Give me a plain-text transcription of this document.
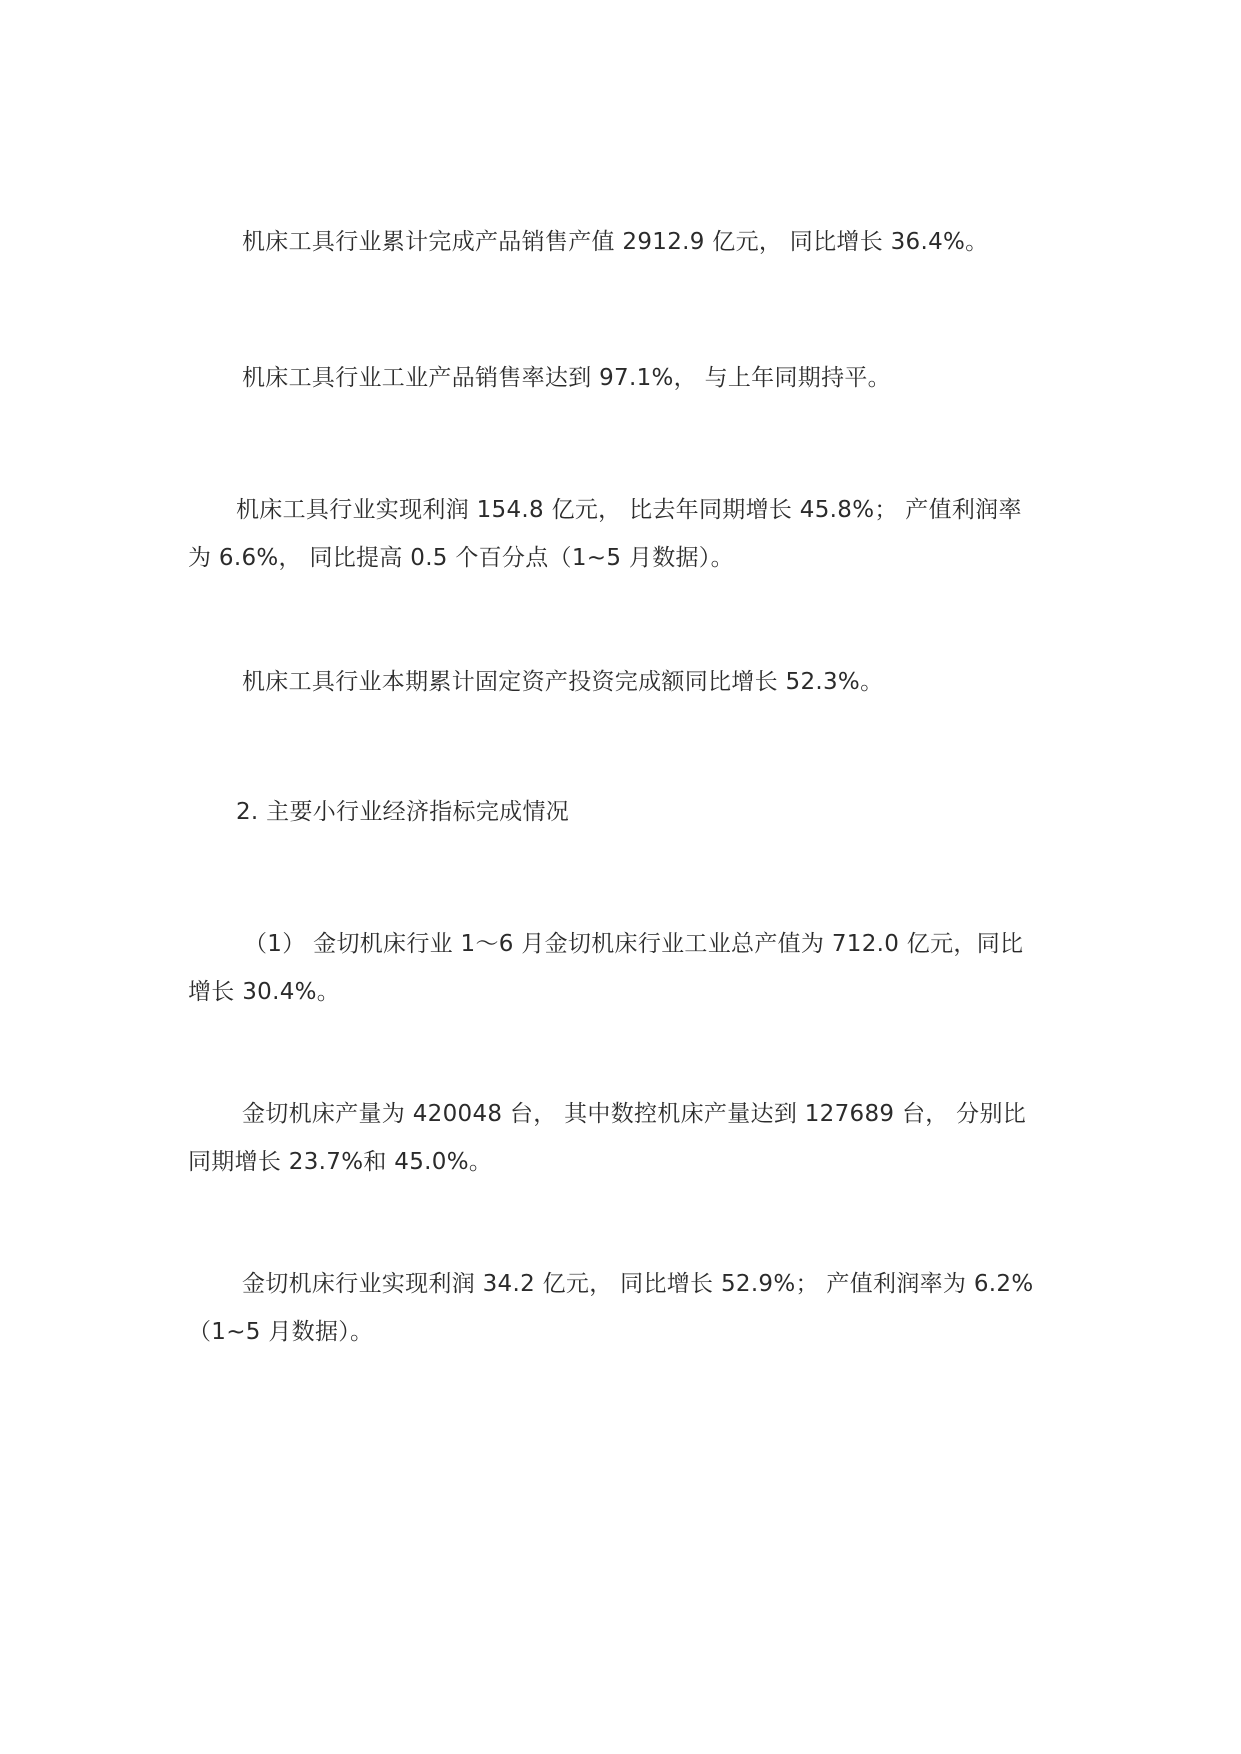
机床工具行业累计完成产品销售产值 2912.9 亿元， 同比增长 36.4%。

机床工具行业工业产品销售率达到 97.1%， 与上年同期持平。

机床工具行业实现利润 154.8 亿元， 比去年同期增长 45.8%； 产值利润率
为 6.6%， 同比提高 0.5 个百分点（1~5 月数据）。

机床工具行业本期累计固定资产投资完成额同比增长 52.3%。

2. 主要小行业经济指标完成情况

（1） 金切机床行业 1～6 月金切机床行业工业总产值为 712.0 亿元，同比
增长 30.4%。

金切机床产量为 420048 台， 其中数控机床产量达到 127689 台， 分别比
同期增长 23.7%和 45.0%。

金切机床行业实现利润 34.2 亿元， 同比增长 52.9%； 产值利润率为 6.2%
（1~5 月数据）。
